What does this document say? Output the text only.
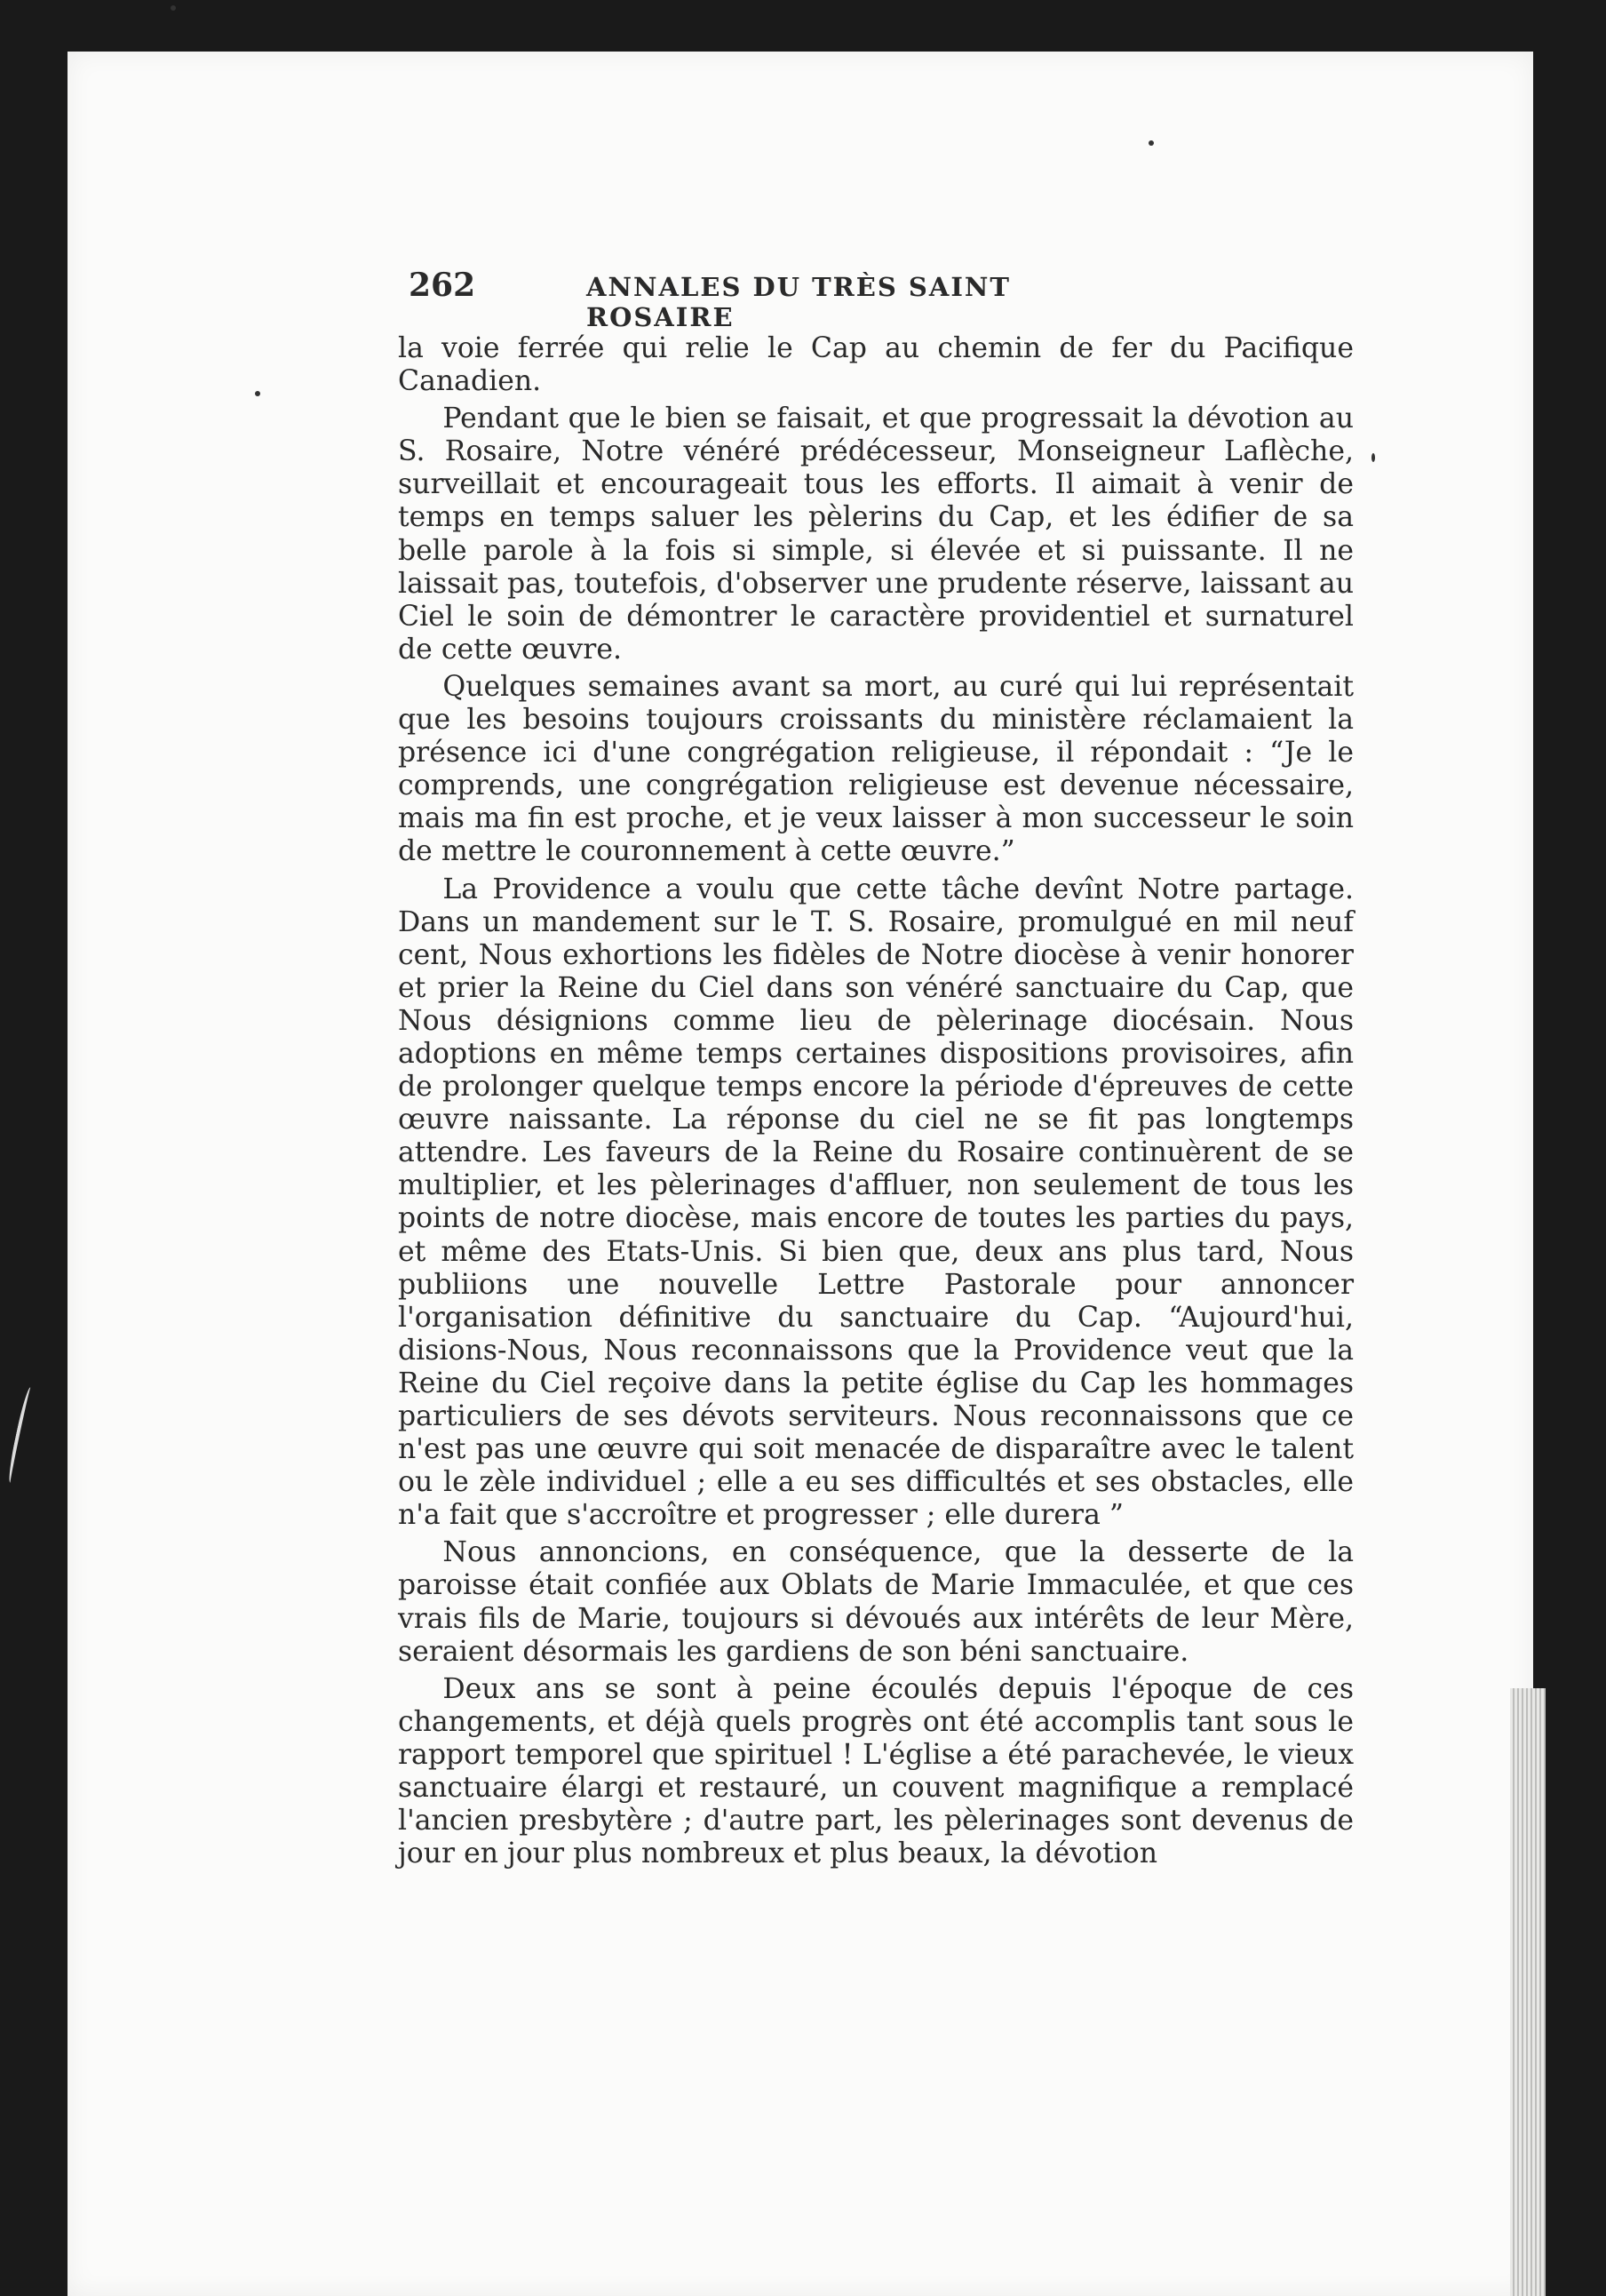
262	ANNALES DU TRÈS SAINT ROSAIRE

la voie ferrée qui relie le Cap au chemin de fer du Pacifique Canadien.

Pendant que le bien se faisait, et que progressait la dévotion au S. Rosaire, Notre vénéré prédécesseur, Monseigneur Laflèche, surveillait et encourageait tous les efforts. Il aimait à venir de temps en temps saluer les pèlerins du Cap, et les édifier de sa belle parole à la fois si simple, si élevée et si puissante. Il ne laissait pas, toutefois, d'observer une prudente réserve, laissant au Ciel le soin de démontrer le caractère providentiel et surnaturel de cette œuvre.

Quelques semaines avant sa mort, au curé qui lui représentait que les besoins toujours croissants du ministère réclamaient la présence ici d'une congrégation religieuse, il répondait : “Je le comprends, une congrégation religieuse est devenue nécessaire, mais ma fin est proche, et je veux laisser à mon successeur le soin de mettre le couronnement à cette œuvre.”

La Providence a voulu que cette tâche devînt Notre partage. Dans un mandement sur le T. S. Rosaire, promulgué en mil neuf cent, Nous exhortions les fidèles de Notre diocèse à venir honorer et prier la Reine du Ciel dans son vénéré sanctuaire du Cap, que Nous désignions comme lieu de pèlerinage diocésain. Nous adoptions en même temps certaines dispositions provisoires, afin de prolonger quelque temps encore la période d'épreuves de cette œuvre naissante. La réponse du ciel ne se fit pas longtemps attendre. Les faveurs de la Reine du Rosaire continuèrent de se multiplier, et les pèlerinages d'affluer, non seulement de tous les points de notre diocèse, mais encore de toutes les parties du pays, et même des Etats-Unis. Si bien que, deux ans plus tard, Nous publiions une nouvelle Lettre Pastorale pour annoncer l'organisation définitive du sanctuaire du Cap. “Aujourd'hui, disions-Nous, Nous reconnaissons que la Providence veut que la Reine du Ciel reçoive dans la petite église du Cap les hommages particuliers de ses dévots serviteurs. Nous reconnaissons que ce n'est pas une œuvre qui soit menacée de disparaître avec le talent ou le zèle individuel ; elle a eu ses difficultés et ses obstacles, elle n'a fait que s'accroître et progresser ; elle durera ”

Nous annoncions, en conséquence, que la desserte de la paroisse était confiée aux Oblats de Marie Immaculée, et que ces vrais fils de Marie, toujours si dévoués aux intérêts de leur Mère, seraient désormais les gardiens de son béni sanctuaire.

Deux ans se sont à peine écoulés depuis l'époque de ces changements, et déjà quels progrès ont été accomplis tant sous le rapport temporel que spirituel ! L'église a été parachevée, le vieux sanctuaire élargi et restauré, un couvent magnifique a remplacé l'ancien presbytère ; d'autre part, les pèlerinages sont devenus de jour en jour plus nombreux et plus beaux, la dévotion
